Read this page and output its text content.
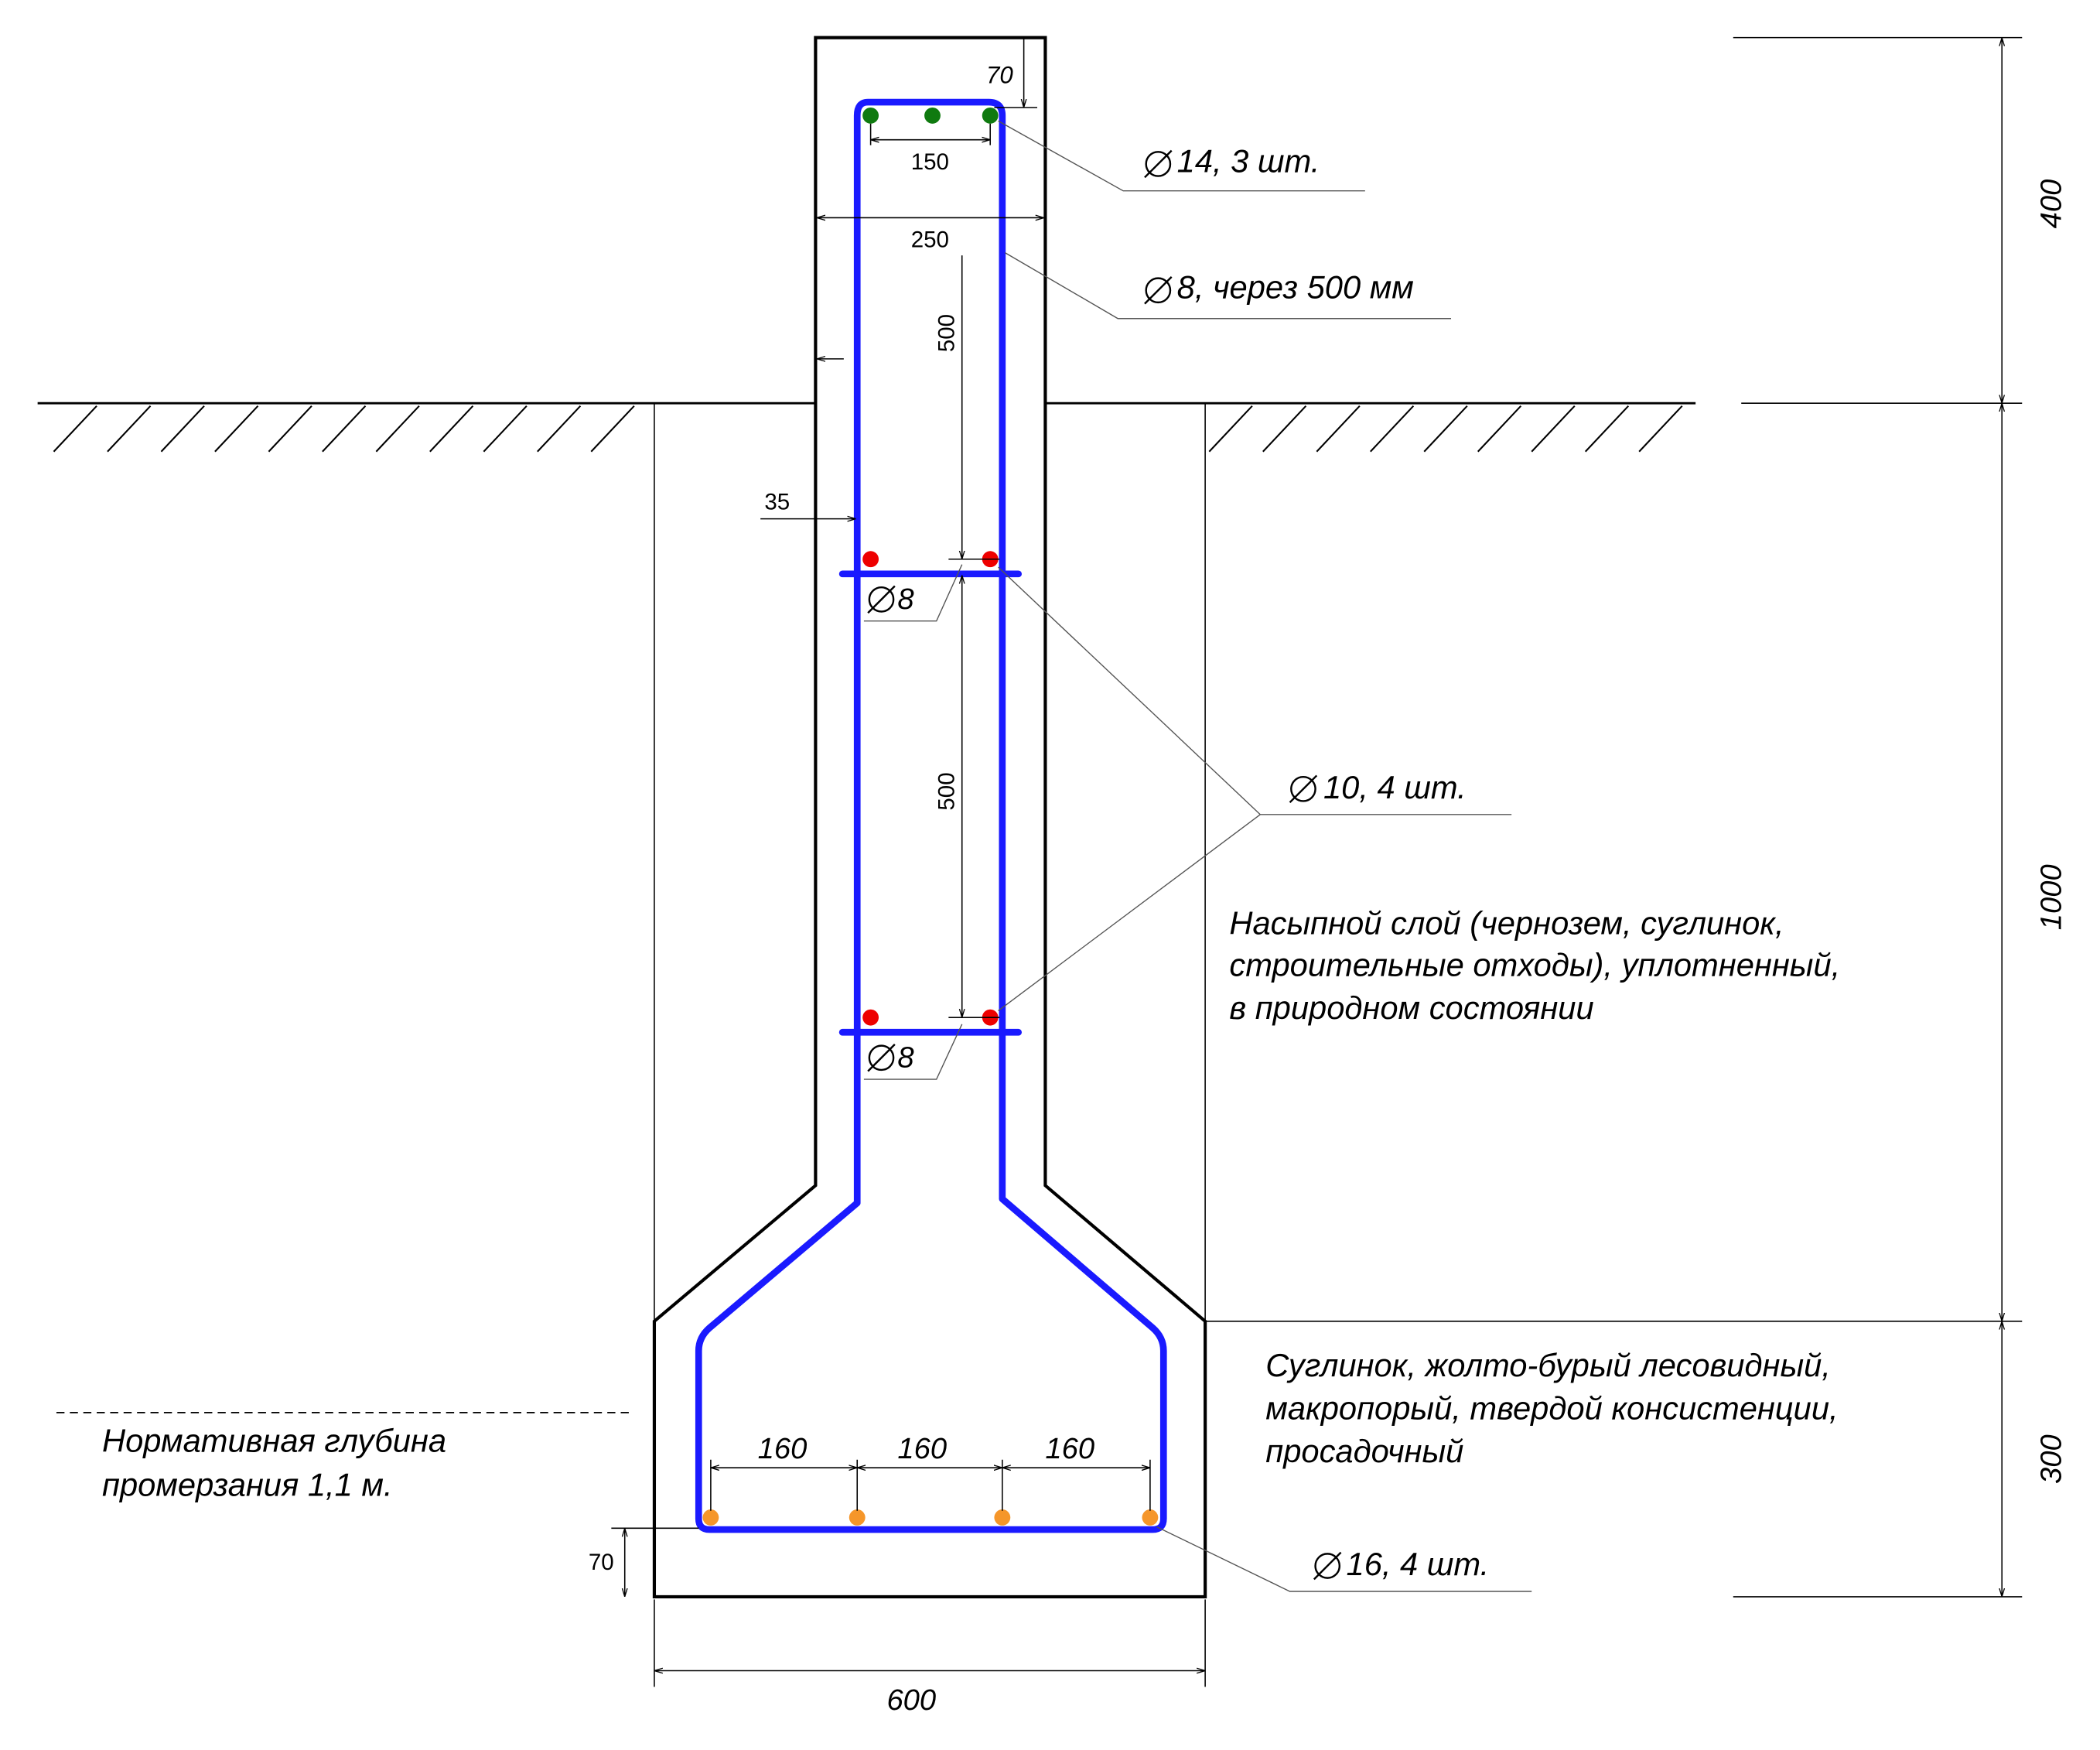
70
150
250
500
500
35
14, 3 шт.
8, через 500 мм
8
8
10, 4 шт.
16, 4 шт.
Насыпной слой (чернозем, суглинок,
строительные отходы), уплотненный,
в природном состоянии
Суглинок, жолто-бурый лесовидный,
макропорый, твердой консистенции,
просадочный
Нормативная глубина
промерзания 1,1 м.
160	160	160
70
600
400
1000
300
